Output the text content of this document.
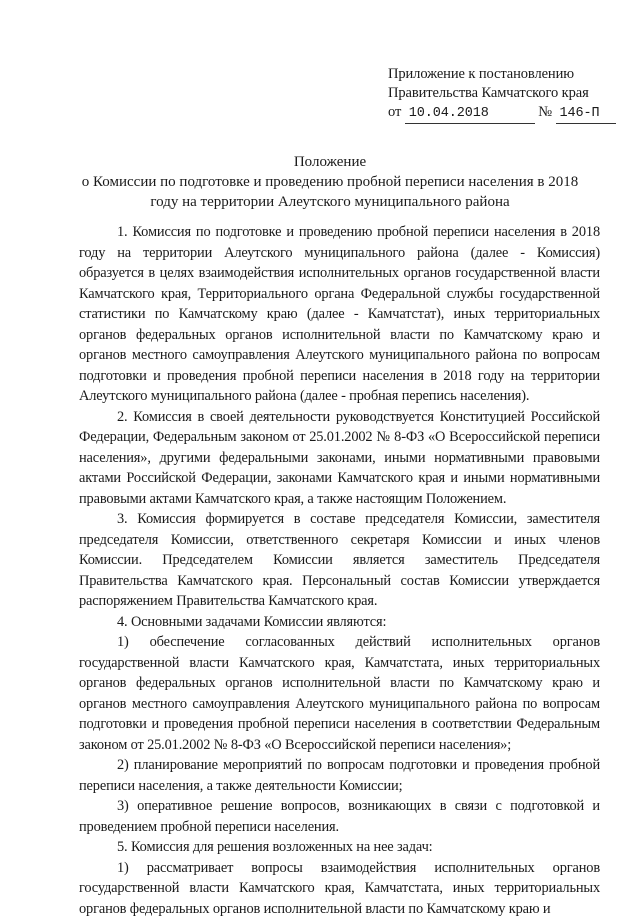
Приложение к постановлению
Правительства Камчатского края
от 10.04.2018	№ 146-П
Положение
о Комиссии по подготовке и проведению пробной переписи населения в 2018
году на территории Алеутского муниципального района

1. Комиссия по подготовке и проведению пробной переписи населения в 2018 году на территории Алеутского муниципального района (далее - Комиссия) образуется в целях взаимодействия исполнительных органов государственной власти Камчатского края, Территориального органа Федеральной службы государственной статистики по Камчатскому краю (далее - Камчатстат), иных территориальных органов федеральных органов исполнительной власти по Камчатскому краю и органов местного самоуправления Алеутского муниципального района по вопросам подготовки и проведения пробной переписи населения в 2018 году на территории Алеутского муниципального района (далее - пробная перепись населения).

2. Комиссия в своей деятельности руководствуется Конституцией Российской Федерации, Федеральным законом от 25.01.2002 № 8-ФЗ «О Всероссийской переписи населения», другими федеральными законами, иными нормативными правовыми актами Российской Федерации, законами Камчатского края и иными нормативными правовыми актами Камчатского края, а также настоящим Положением.

3. Комиссия формируется в составе председателя Комиссии, заместителя председателя Комиссии, ответственного секретаря Комиссии и иных членов Комиссии. Председателем Комиссии является заместитель Председателя Правительства Камчатского края. Персональный состав Комиссии утверждается распоряжением Правительства Камчатского края.

4. Основными задачами Комиссии являются:

1) обеспечение согласованных действий исполнительных органов государственной власти Камчатского края, Камчатстата, иных территориальных органов федеральных органов исполнительной власти по Камчатскому краю и органов местного самоуправления Алеутского муниципального района по вопросам подготовки и проведения пробной переписи населения в соответствии Федеральным законом от 25.01.2002 № 8-ФЗ «О Всероссийской переписи населения»;

2) планирование мероприятий по вопросам подготовки и проведения пробной переписи населения, а также деятельности Комиссии;

3) оперативное решение вопросов, возникающих в связи с подготовкой и проведением пробной переписи населения.

5. Комиссия для решения возложенных на нее задач:

1) рассматривает вопросы взаимодействия исполнительных органов государственной власти Камчатского края, Камчатстата, иных территориальных органов федеральных органов исполнительной власти по Камчатскому краю и
